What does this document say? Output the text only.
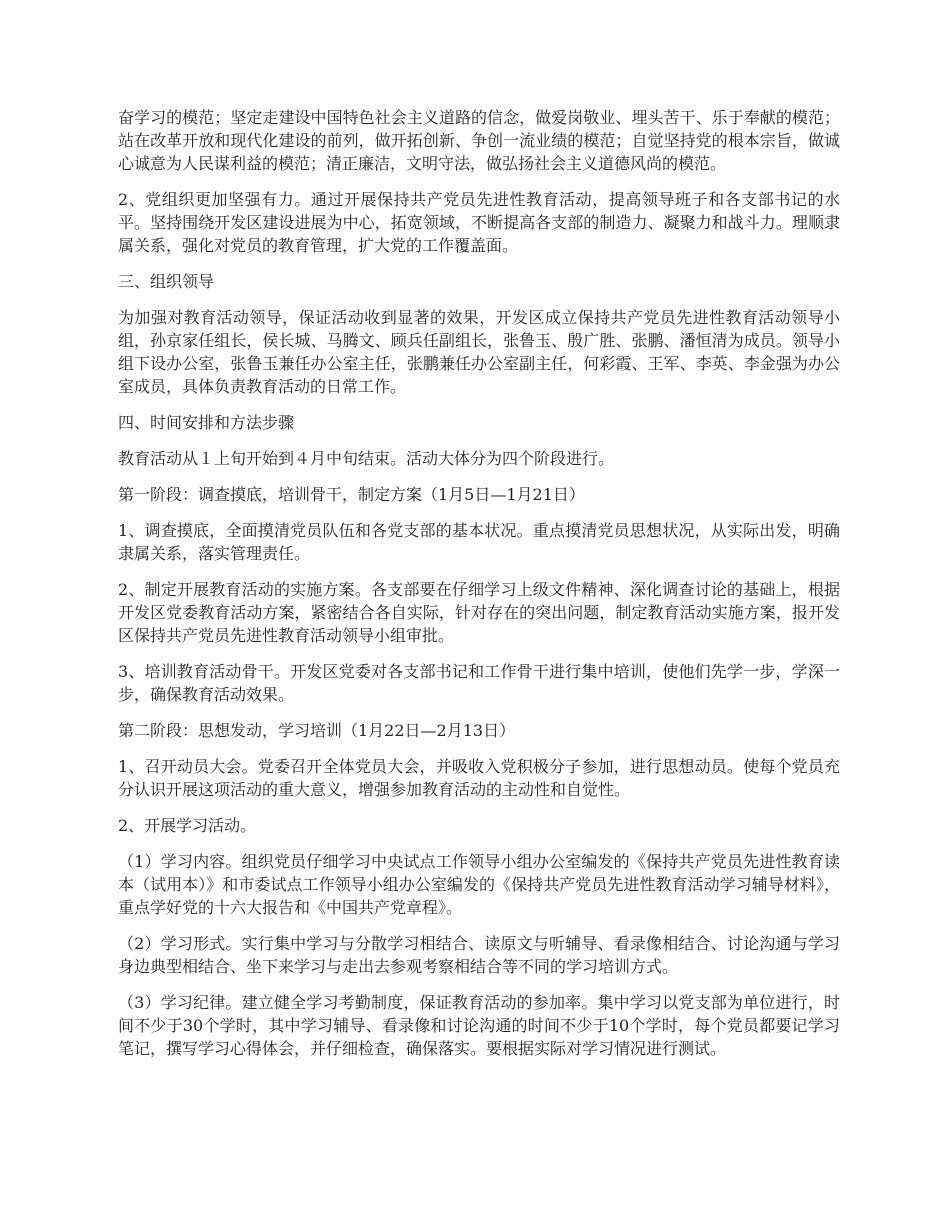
奋学习的模范；坚定走建设中国特色社会主义道路的信念，做爱岗敬业、埋头苦干、乐于奉献的模范；站在改革开放和现代化建设的前列，做开拓创新、争创一流业绩的模范；自觉坚持党的根本宗旨，做诚心诚意为人民谋利益的模范；清正廉洁，文明守法，做弘扬社会主义道德风尚的模范。

2、党组织更加坚强有力。通过开展保持共产党员先进性教育活动，提高领导班子和各支部书记的水平。坚持围绕开发区建设进展为中心，拓宽领域，不断提高各支部的制造力、凝聚力和战斗力。理顺隶属关系，强化对党员的教育管理，扩大党的工作覆盖面。

三、组织领导

为加强对教育活动领导，保证活动收到显著的效果，开发区成立保持共产党员先进性教育活动领导小组，孙京家任组长，侯长城、马腾文、顾兵任副组长，张鲁玉、殷广胜、张鹏、潘恒清为成员。领导小组下设办公室，张鲁玉兼任办公室主任，张鹏兼任办公室副主任，何彩霞、王军、李英、李金强为办公室成员，具体负责教育活动的日常工作。

四、时间安排和方法步骤

教育活动从１上旬开始到４月中旬结束。活动大体分为四个阶段进行。

第一阶段：调查摸底，培训骨干，制定方案（1月5日—1月21日）

1、调查摸底，全面摸清党员队伍和各党支部的基本状况。重点摸清党员思想状况，从实际出发，明确隶属关系，落实管理责任。

2、制定开展教育活动的实施方案。各支部要在仔细学习上级文件精神、深化调查讨论的基础上，根据开发区党委教育活动方案，紧密结合各自实际，针对存在的突出问题，制定教育活动实施方案，报开发区保持共产党员先进性教育活动领导小组审批。

3、培训教育活动骨干。开发区党委对各支部书记和工作骨干进行集中培训，使他们先学一步，学深一步，确保教育活动效果。

第二阶段：思想发动，学习培训（1月22日—2月13日）

1、召开动员大会。党委召开全体党员大会，并吸收入党积极分子参加，进行思想动员。使每个党员充分认识开展这项活动的重大意义，增强参加教育活动的主动性和自觉性。

2、开展学习活动。

（1）学习内容。组织党员仔细学习中央试点工作领导小组办公室编发的《保持共产党员先进性教育读本（试用本）》和市委试点工作领导小组办公室编发的《保持共产党员先进性教育活动学习辅导材料》，重点学好党的十六大报告和《中国共产党章程》。

（2）学习形式。实行集中学习与分散学习相结合、读原文与听辅导、看录像相结合、讨论沟通与学习身边典型相结合、坐下来学习与走出去参观考察相结合等不同的学习培训方式。

（3）学习纪律。建立健全学习考勤制度，保证教育活动的参加率。集中学习以党支部为单位进行，时间不少于30个学时，其中学习辅导、看录像和讨论沟通的时间不少于10个学时，每个党员都要记学习笔记，撰写学习心得体会，并仔细检查，确保落实。要根据实际对学习情况进行测试。
